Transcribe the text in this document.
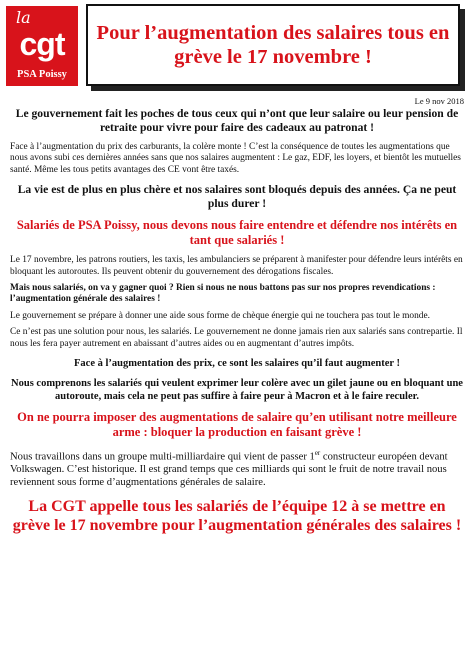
la
cgt
PSA Poissy
Pour l’augmentation des salaires tous en grève le 17 novembre !

Le 9 nov 2018

Le gouvernement fait les poches de tous ceux qui n’ont que leur salaire ou leur pension de retraite pour vivre pour faire des cadeaux au patronat !

Face à l’augmentation du prix des carburants, la colère monte ! C’est la conséquence de toutes les augmentations que nous avons subi ces dernières années sans que nos salaires augmentent : Le gaz, EDF, les loyers, et bientôt les mutuelles santé. Même les tous petits avantages des CE vont être taxés.

La vie est de plus en plus chère et nos salaires sont bloqués depuis des années. Ça ne peut plus durer !

Salariés de PSA Poissy, nous devons nous faire entendre et défendre nos intérêts en tant que salariés !

Le 17 novembre, les patrons routiers, les taxis, les ambulanciers se préparent à manifester pour défendre leurs intérêts en bloquant les autoroutes. Ils peuvent obtenir du gouvernement des dérogations fiscales.

Mais nous salariés, on va y gagner quoi ? Rien si nous ne nous battons pas sur nos propres revendications : l’augmentation générale des salaires !

Le gouvernement se prépare à donner une aide sous forme de chèque énergie qui ne touchera pas tout le monde.

Ce n’est pas une solution pour nous, les salariés. Le gouvernement ne donne jamais rien aux salariés sans contrepartie. Il nous les fera payer autrement en abaissant d’autres aides ou en augmentant d’autres impôts.

Face à l’augmentation des prix, ce sont les salaires qu’il faut augmenter !

Nous comprenons les salariés qui veulent exprimer leur colère avec un gilet jaune ou en bloquant une autoroute, mais cela ne peut pas suffire à faire peur à Macron et à le faire reculer.

On ne pourra imposer des augmentations de salaire qu’en utilisant notre meilleure arme : bloquer la production en faisant grève !

Nous travaillons dans un groupe multi-milliardaire qui vient de passer 1er constructeur européen devant Volkswagen. C’est historique. Il est grand temps que ces milliards qui sont le fruit de notre travail nous reviennent sous forme d’augmentations générales de salaire.

La CGT appelle tous les salariés de l’équipe 12 à se mettre en grève le 17 novembre pour l’augmentation générales des salaires !
